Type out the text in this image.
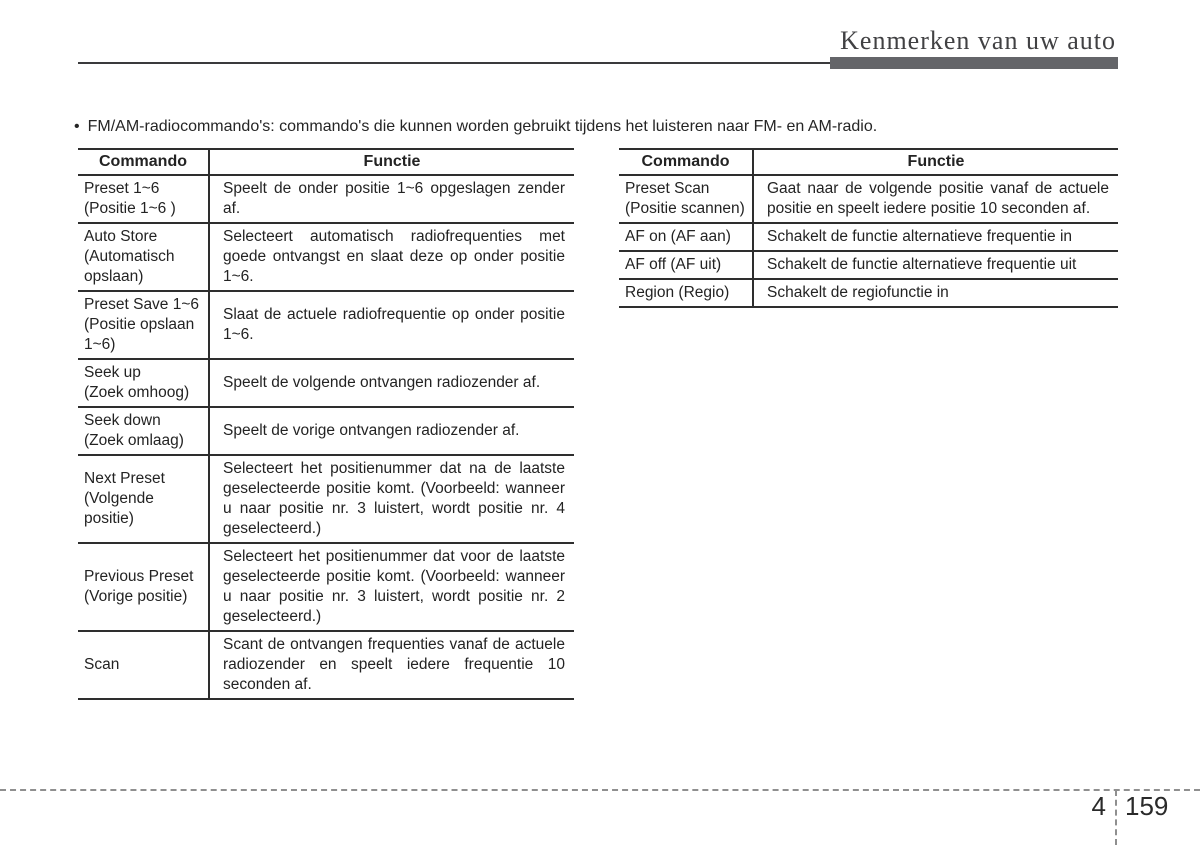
Kenmerken van uw auto
• FM/AM-radiocommando's: commando's die kunnen worden gebruikt tijdens het luisteren naar FM- en AM-radio.
Commando	Functie

Preset 1~6
(Positie 1~6 )	Speelt de onder positie 1~6 opgeslagen zender af.

Auto Store
(Automatisch opslaan)	Selecteert automatisch radiofrequenties met goede ontvangst en slaat deze op onder positie 1~6.

Preset Save 1~6
(Positie opslaan 1~6)	Slaat de actuele radiofrequentie op onder positie 1~6.

Seek up
(Zoek omhoog)	Speelt de volgende ontvangen radiozender af.

Seek down
(Zoek omlaag)	Speelt de vorige ontvangen radiozender af.

Next Preset
(Volgende positie)	Selecteert het positienummer dat na de laatste geselecteerde positie komt. (Voorbeeld: wanneer u naar positie nr. 3 luistert, wordt positie nr. 4 geselecteerd.)

Previous Preset
(Vorige positie)	Selecteert het positienummer dat voor de laatste geselecteerde positie komt. (Voorbeeld: wanneer u naar positie nr. 3 luistert, wordt positie nr. 2 geselecteerd.)

Scan	Scant de ontvangen frequenties vanaf de actuele radiozender en speelt iedere frequentie 10 seconden af.
Commando	Functie

Preset Scan
(Positie scannen)	Gaat naar de volgende positie vanaf de actuele positie en speelt iedere positie 10 seconden af.

AF on (AF aan)	Schakelt de functie alternatieve frequentie in

AF off (AF uit)	Schakelt de functie alternatieve frequentie uit

Region (Regio)	Schakelt de regiofunctie in
4 159
